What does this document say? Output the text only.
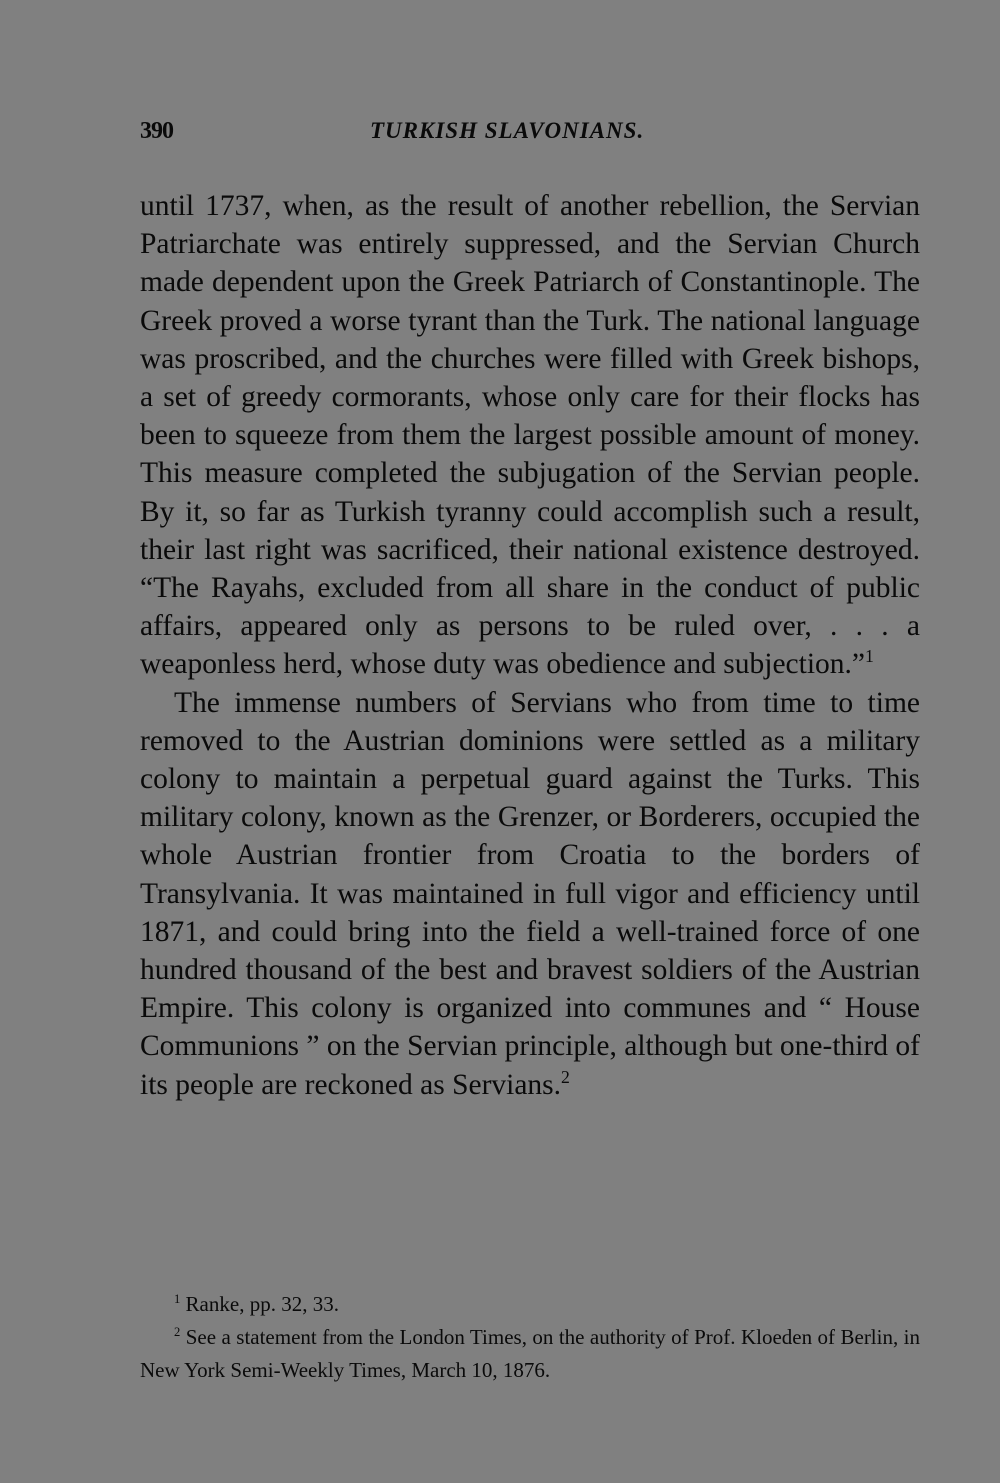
390	TURKISH SLAVONIANS.

until 1737, when, as the result of another rebellion, the Servian Patriarchate was entirely suppressed, and the Servian Church made dependent upon the Greek Patriarch of Constantinople. The Greek proved a worse tyrant than the Turk. The national language was proscribed, and the churches were filled with Greek bishops, a set of greedy cormorants, whose only care for their flocks has been to squeeze from them the largest possible amount of money. This measure completed the subjugation of the Servian people. By it, so far as Turkish tyranny could accomplish such a result, their last right was sacrificed, their national existence destroyed. “The Rayahs, excluded from all share in the conduct of public affairs, appeared only as persons to be ruled over, . . . a weaponless herd, whose duty was obedience and subjection.”$^1$

The immense numbers of Servians who from time to time removed to the Austrian dominions were settled as a military colony to maintain a perpetual guard against the Turks. This military colony, known as the Grenzer, or Borderers, occupied the whole Austrian frontier from Croatia to the borders of Transylvania. It was maintained in full vigor and efficiency until 1871, and could bring into the field a well-trained force of one hundred thousand of the best and bravest soldiers of the Austrian Empire. This colony is organized into communes and “ House Communions ” on the Servian principle, although but one-third of its people are reckoned as Servians.$^2$

$^1$ Ranke, pp. 32, 33.

$^2$ See a statement from the London Times, on the authority of Prof. Kloeden of Berlin, in New York Semi-Weekly Times, March 10, 1876.
